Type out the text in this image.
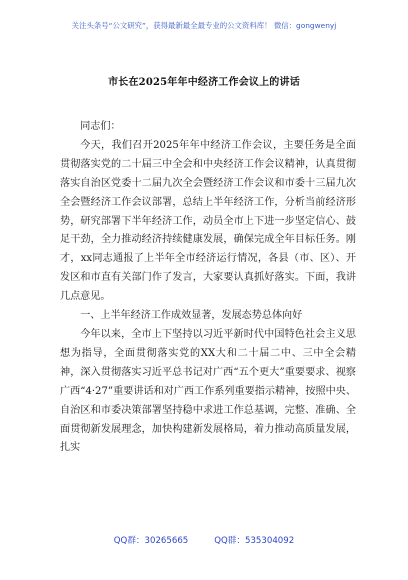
关注头条号“公文研究”，获得最新最全最专业的公文资料库！ 微信：gongwenyj
市长在2025年年中经济工作会议上的讲话

同志们：

今天，我们召开2025年年中经济工作会议，主要任务是全面贯彻落实党的二十届三中全会和中央经济工作会议精神，认真贯彻落实自治区党委十二届九次全会暨经济工作会议和市委十三届九次全会暨经济工作会议部署，总结上半年经济工作，分析当前经济形势，研究部署下半年经济工作，动员全市上下进一步坚定信心、鼓足干劲，全力推动经济持续健康发展，确保完成全年目标任务。刚才，xx同志通报了上半年全市经济运行情况，各县（市、区）、开发区和市直有关部门作了发言，大家要认真抓好落实。下面，我讲几点意见。

一、上半年经济工作成效显著，发展态势总体向好

今年以来，全市上下坚持以习近平新时代中国特色社会主义思想为指导，全面贯彻落实党的XX大和二十届二中、三中全会精神，深入贯彻落实习近平总书记对广西“五个更大”重要要求、视察广西“4·27”重要讲话和对广西工作系列重要指示精神，按照中央、自治区和市委决策部署坚持稳中求进工作总基调，完整、准确、全面贯彻新发展理念，加快构建新发展格局，着力推动高质量发展，扎实

QQ群：30265665	QQ群：535304092
